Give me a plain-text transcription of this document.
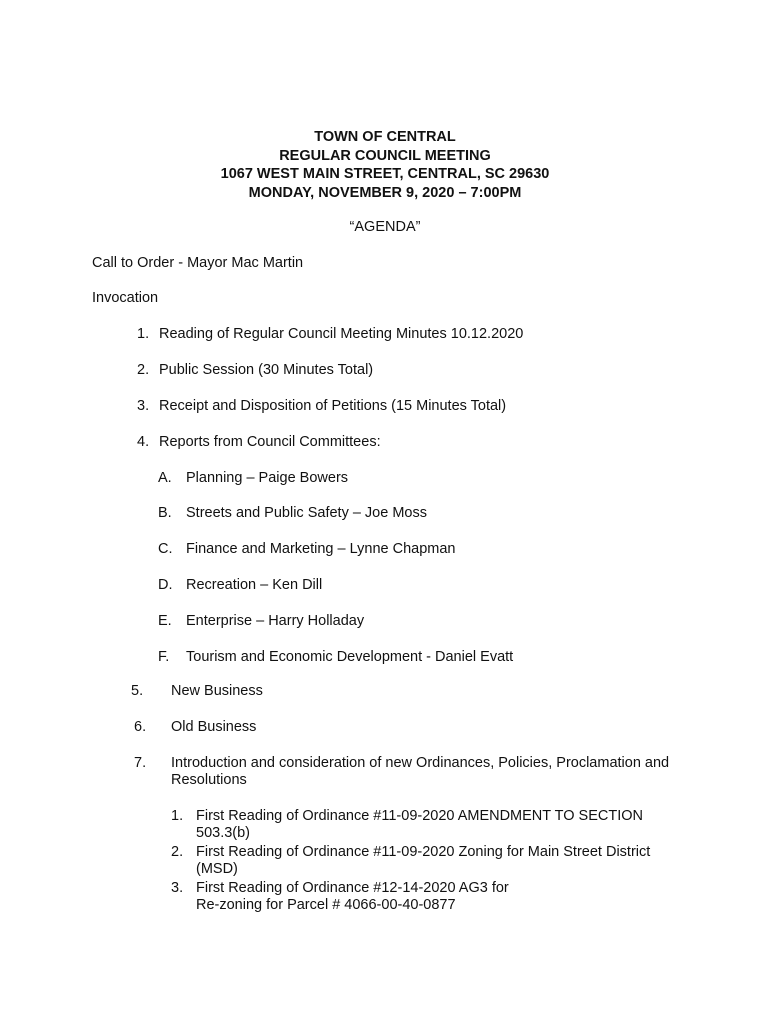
TOWN OF CENTRAL
REGULAR COUNCIL MEETING
1067 WEST MAIN STREET, CENTRAL, SC 29630
MONDAY, NOVEMBER 9, 2020 – 7:00PM
“AGENDA”
Call to Order - Mayor Mac Martin
Invocation
1. Reading of Regular Council Meeting Minutes 10.12.2020
2. Public Session (30 Minutes Total)
3. Receipt and Disposition of Petitions (15 Minutes Total)
4. Reports from Council Committees:
A. Planning – Paige Bowers
B. Streets and Public Safety – Joe Moss
C. Finance and Marketing – Lynne Chapman
D. Recreation – Ken Dill
E. Enterprise – Harry Holladay
F. Tourism and Economic Development - Daniel Evatt
5. New Business
6. Old Business
7. Introduction and consideration of new Ordinances, Policies, Proclamation and Resolutions
1. First Reading of Ordinance #11-09-2020 AMENDMENT TO SECTION 503.3(b)
2. First Reading of Ordinance #11-09-2020 Zoning for Main Street District (MSD)
3. First Reading of Ordinance #12-14-2020 AG3 for
Re-zoning for Parcel # 4066-00-40-0877
